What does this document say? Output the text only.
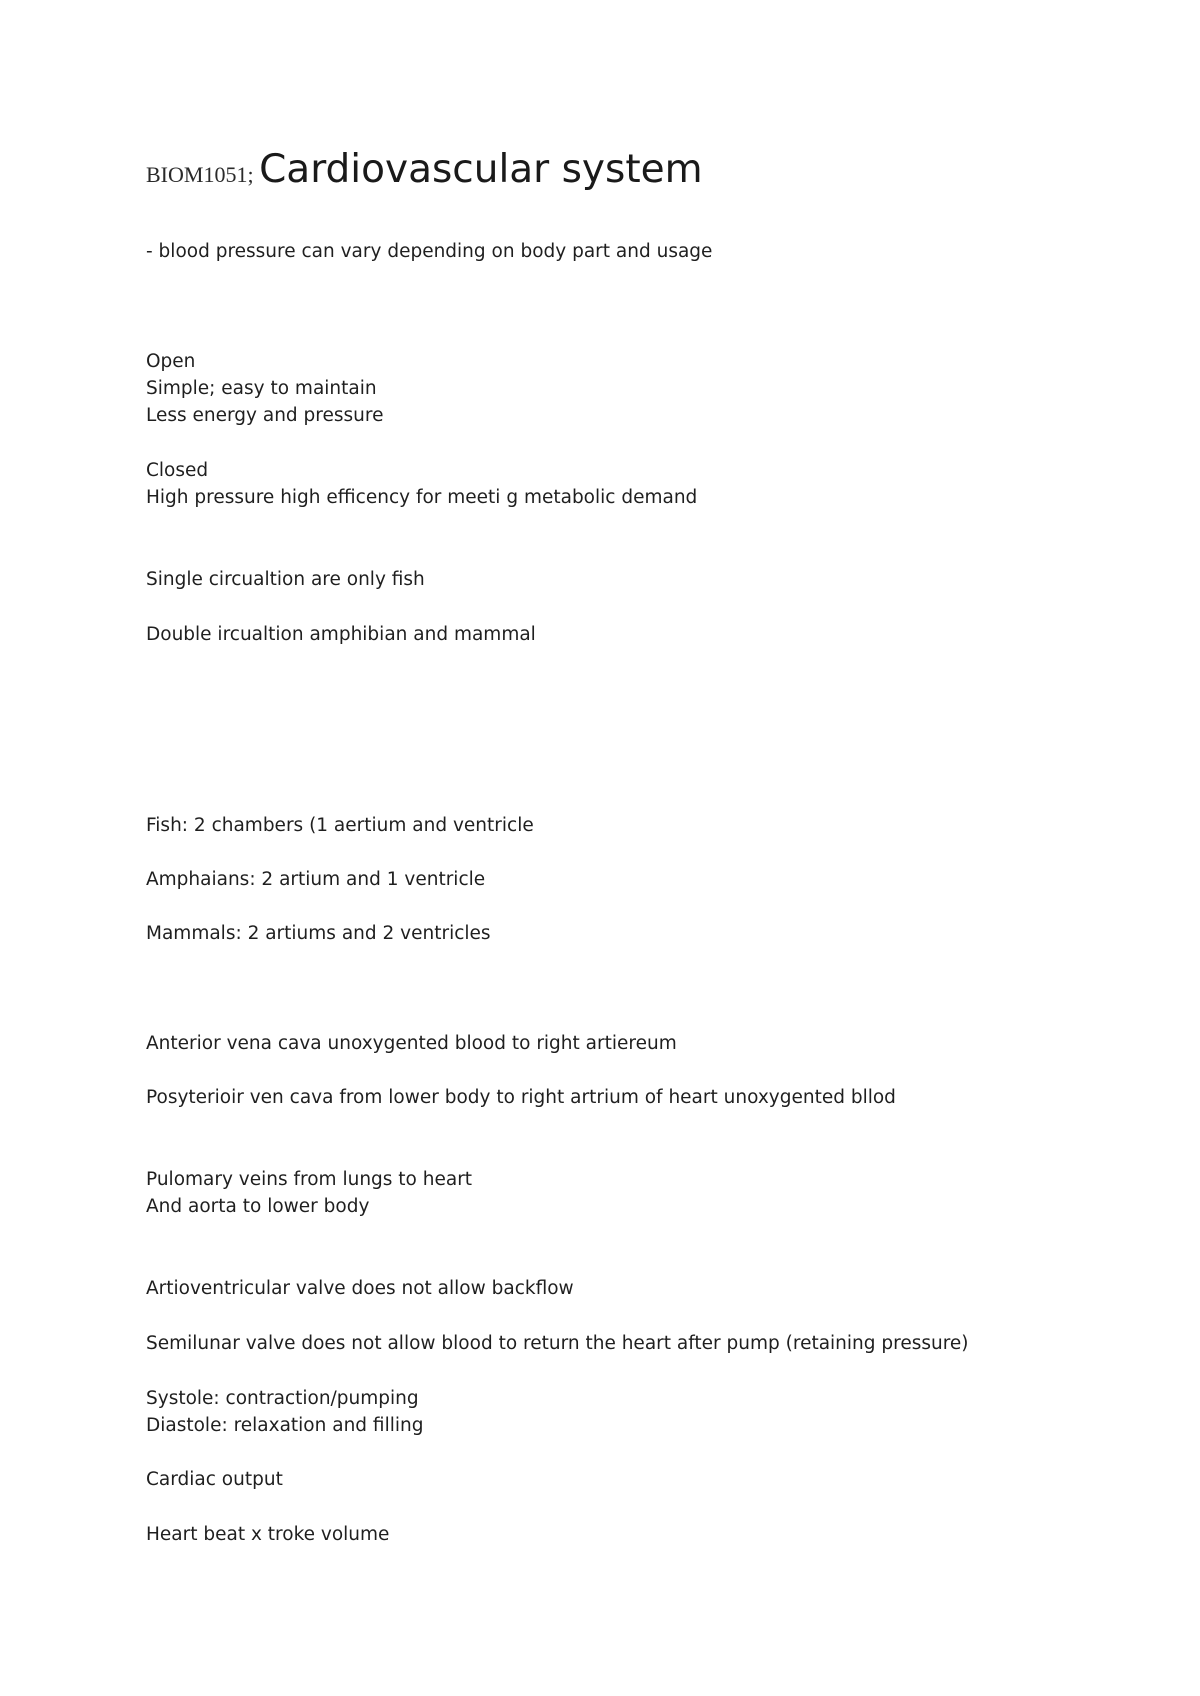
BIOM1051; Cardiovascular system
- blood pressure can vary depending on body part and usage
Open
Simple; easy to maintain
Less energy and pressure
Closed
High pressure high efficency for meeti g metabolic demand
Single circualtion are only fish
Double ircualtion amphibian and mammal
Fish: 2 chambers (1 aertium and ventricle
Amphaians: 2 artium and 1 ventricle
Mammals: 2 artiums and 2 ventricles
Anterior vena cava unoxygented blood to right artiereum
Posyterioir ven cava from lower body to right artrium of heart unoxygented bllod
Pulomary veins from lungs to heart
And aorta to lower body
Artioventricular valve does not allow backflow
Semilunar valve does not allow blood to return the heart after pump (retaining pressure)
Systole: contraction/pumping
Diastole: relaxation and filling
Cardiac output
Heart beat x troke volume
